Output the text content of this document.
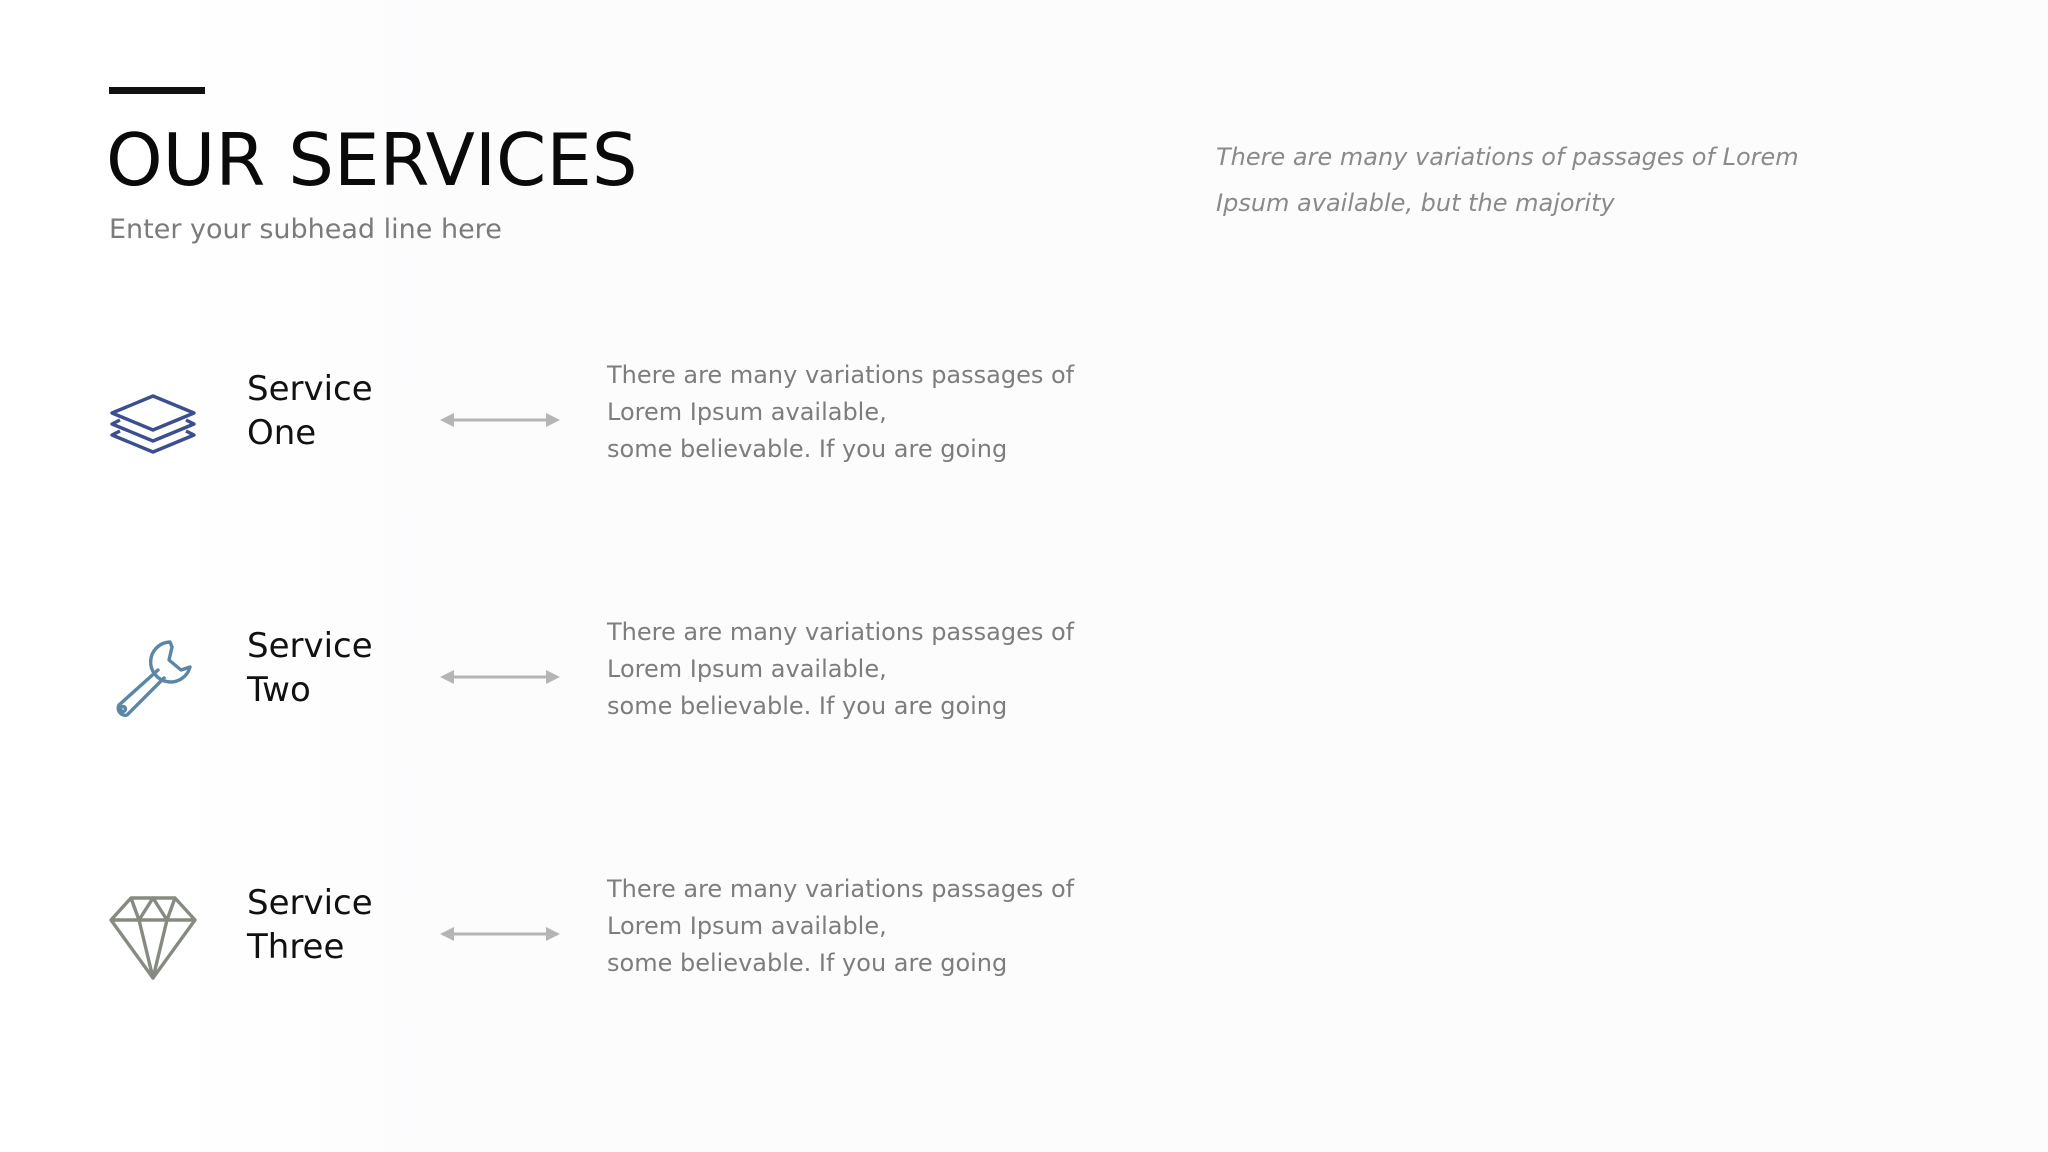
OUR SERVICES
Enter your subhead line here
There are many variations of passages of Lorem Ipsum available, but the majority
Service
One
There are many variations passages of
Lorem Ipsum available,
some believable. If you are going
Service
Two
There are many variations passages of
Lorem Ipsum available,
some believable. If you are going
Service
Three
There are many variations passages of
Lorem Ipsum available,
some believable. If you are going
